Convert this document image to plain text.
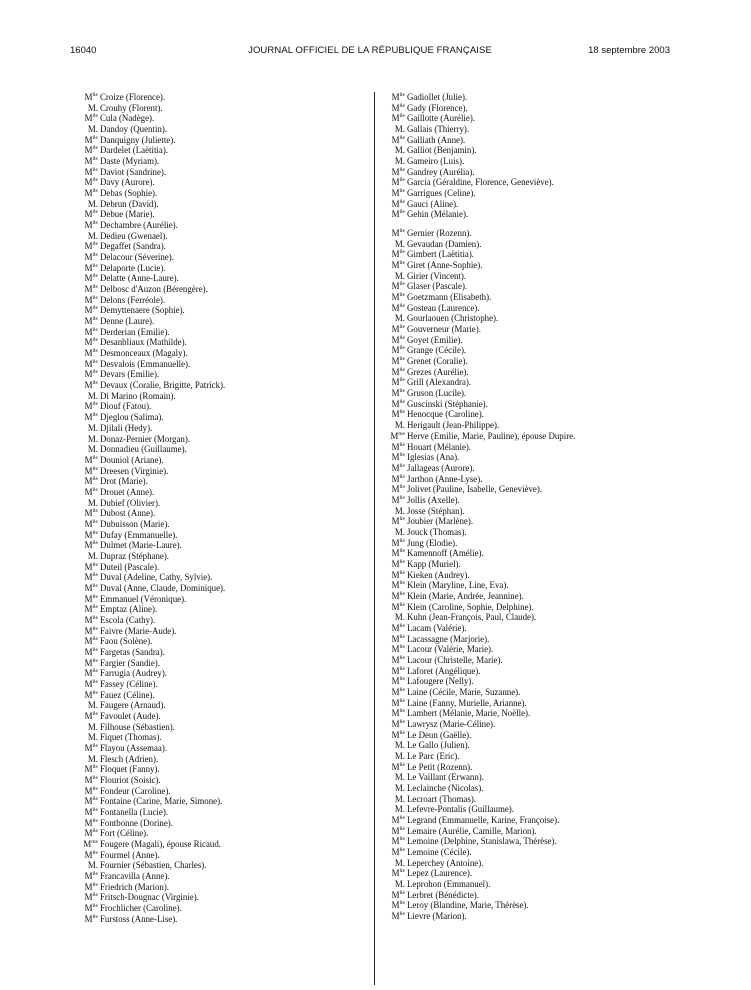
16040	JOURNAL OFFICIEL DE LA RÉPUBLIQUE FRANÇAISE	18 septembre 2003
$M^{lle}$ Croize (Florence).
M. Crouhy (Florent).
$M^{lle}$ Cula (Nadège).
M. Dandoy (Quentin).
$M^{lle}$ Danquigny (Juliette).
$M^{lle}$ Dardelet (Laëtitia).
$M^{lle}$ Daste (Myriam).
$M^{lle}$ Daviot (Sandrine).
$M^{lle}$ Davy (Aurore).
$M^{lle}$ Debas (Sophie).
M. Debrun (David).
$M^{lle}$ Debue (Marie).
$M^{lle}$ Dechambre (Aurélie).
M. Dedieu (Gwenael).
$M^{lle}$ Degaffet (Sandra).
$M^{lle}$ Delacour (Séverine).
$M^{lle}$ Delaporte (Lucie).
$M^{lle}$ Delatte (Anne-Laure).
$M^{lle}$ Delbosc d'Auzon (Bérengère).
$M^{lle}$ Delons (Ferréole).
$M^{lle}$ Demyttenaere (Sophie).
$M^{lle}$ Denne (Laure).
$M^{lle}$ Derderian (Emilie).
$M^{lle}$ Desanbliaux (Mathilde).
$M^{lle}$ Desmonceaux (Magaly).
$M^{lle}$ Desvalois (Emmanuelle).
$M^{lle}$ Devars (Emilie).
$M^{lle}$ Devaux (Coralie, Brigitte, Patrick).
M. Di Marino (Romain).
$M^{lle}$ Diouf (Fatou).
$M^{lle}$ Djeglou (Salima).
M. Djilali (Hedy).
M. Donaz-Pernier (Morgan).
M. Donnadieu (Guillaume).
$M^{lle}$ Douniol (Ariane).
$M^{lle}$ Dreesen (Virginie).
$M^{lle}$ Drot (Marie).
$M^{lle}$ Drouet (Anne).
M. Dubief (Olivier).
$M^{lle}$ Dubost (Anne).
$M^{lle}$ Dubuisson (Marie).
$M^{lle}$ Dufay (Emmanuelle).
$M^{lle}$ Dulmet (Marie-Laure).
M. Dupraz (Stéphane).
$M^{lle}$ Duteil (Pascale).
$M^{lle}$ Duval (Adeline, Cathy, Sylvie).
$M^{lle}$ Duval (Anne, Claude, Dominique).
$M^{lle}$ Emmanuel (Véronique).
$M^{lle}$ Emptaz (Aline).
$M^{lle}$ Escola (Cathy).
$M^{lle}$ Faivre (Marie-Aude).
$M^{lle}$ Faou (Solène).
$M^{lle}$ Fargetas (Sandra).
$M^{lle}$ Fargier (Sandie).
$M^{lle}$ Farrugia (Audrey).
$M^{lle}$ Fassey (Céline).
$M^{lle}$ Fauez (Céline).
M. Faugere (Arnaud).
$M^{lle}$ Favoulet (Aude).
M. Filhouse (Sébastien).
M. Fiquet (Thomas).
$M^{lle}$ Flayou (Assemaa).
M. Flesch (Adrien).
$M^{lle}$ Floquet (Fanny).
$M^{lle}$ Flouriot (Soisic).
$M^{lle}$ Fondeur (Caroline).
$M^{lle}$ Fontaine (Carine, Marie, Simone).
$M^{lle}$ Fontanella (Lucie).
$M^{lle}$ Fontbonne (Dorine).
$M^{lle}$ Fort (Céline).
$M^{me}$ Fougere (Magali), épouse Ricaud.
$M^{lle}$ Fourmel (Anne).
M. Fournier (Sébastien, Charles).
$M^{lle}$ Francavilla (Anne).
$M^{lle}$ Friedrich (Marion).
$M^{lle}$ Fritsch-Dougnac (Virginie).
$M^{lle}$ Frochlicher (Caroline).
$M^{lle}$ Furstoss (Anne-Lise).
$M^{lle}$ Gadiollet (Julie).
$M^{lle}$ Gady (Florence).
$M^{lle}$ Gaillotte (Aurélie).
M. Gallais (Thierry).
$M^{lle}$ Galliath (Anne).
M. Galliot (Benjamin).
M. Gameiro (Luis).
$M^{lle}$ Gandrey (Aurélia).
$M^{lle}$ Garcia (Géraldine, Florence, Geneviève).
$M^{lle}$ Garrigues (Celine).
$M^{lle}$ Gauci (Aline).
$M^{lle}$ Gehin (Mélanie).
$M^{lle}$ Gernier (Rozenn).
M. Gevaudan (Damien).
$M^{lle}$ Gimbert (Laëtitia).
$M^{lle}$ Giret (Anne-Sophie).
M. Girier (Vincent).
$M^{lle}$ Glaser (Pascale).
$M^{lle}$ Goetzmann (Elisabeth).
$M^{lle}$ Gosteau (Laurence).
M. Gourlaouen (Christophe).
$M^{lle}$ Gouverneur (Marie).
$M^{lle}$ Goyet (Emilie).
$M^{lle}$ Grange (Cécile).
$M^{lle}$ Grenet (Coralie).
$M^{lle}$ Grezes (Aurélie).
$M^{lle}$ Grill (Alexandra).
$M^{lle}$ Gruson (Lucile).
$M^{lle}$ Guscinski (Stéphanie).
$M^{lle}$ Henocque (Caroline).
M. Herigault (Jean-Philippe).
$M^{me}$ Herve (Emilie, Marie, Pauline), épouse Dupire.
$M^{lle}$ Houart (Mélanie).
$M^{lle}$ Iglesias (Ana).
$M^{lle}$ Jallageas (Aurore).
$M^{lle}$ Jarthon (Anne-Lyse).
$M^{lle}$ Jolivet (Pauline, Isabelle, Geneviève).
$M^{lle}$ Jollis (Axelle).
M. Josse (Stéphan).
$M^{lle}$ Joubier (Marlène).
M. Jouck (Thomas).
$M^{lle}$ Jung (Elodie).
$M^{lle}$ Kamennoff (Amélie).
$M^{lle}$ Kapp (Muriel).
$M^{lle}$ Kieken (Audrey).
$M^{lle}$ Klein (Maryline, Line, Eva).
$M^{lle}$ Klein (Marie, Andrée, Jeannine).
$M^{lle}$ Klein (Caroline, Sophie, Delphine).
M. Kuhn (Jean-François, Paul, Claude).
$M^{lle}$ Lacam (Valérie).
$M^{lle}$ Lacassagne (Marjorie).
$M^{lle}$ Lacour (Valérie, Marie).
$M^{lle}$ Lacour (Christelle, Marie).
$M^{lle}$ Laforet (Angélique).
$M^{lle}$ Lafougere (Nelly).
$M^{lle}$ Laine (Cécile, Marie, Suzanne).
$M^{lle}$ Laine (Fanny, Murielle, Arianne).
$M^{lle}$ Lambert (Mélanie, Marie, Noëlle).
$M^{lle}$ Lawrysz (Marie-Céline).
$M^{lle}$ Le Deun (Gaëlle).
M. Le Gallo (Julien).
M. Le Parc (Eric).
$M^{lle}$ Le Petit (Rozenn).
M. Le Vaillant (Erwann).
M. Leclainche (Nicolas).
M. Lecroart (Thomas).
M. Lefevre-Pontalis (Guillaume).
$M^{lle}$ Legrand (Emmanuelle, Karine, Françoise).
$M^{lle}$ Lemaire (Aurélie, Camille, Marion).
$M^{lle}$ Lemoine (Delphine, Stanislawa, Thérèse).
$M^{lle}$ Lemoine (Cécile).
M. Leperchey (Antoine).
$M^{lle}$ Lepez (Laurence).
M. Leprohon (Emmanuel).
$M^{lle}$ Lerbret (Bénédicte).
$M^{lle}$ Leroy (Blandine, Marie, Thérèse).
$M^{lle}$ Lievre (Marion).
